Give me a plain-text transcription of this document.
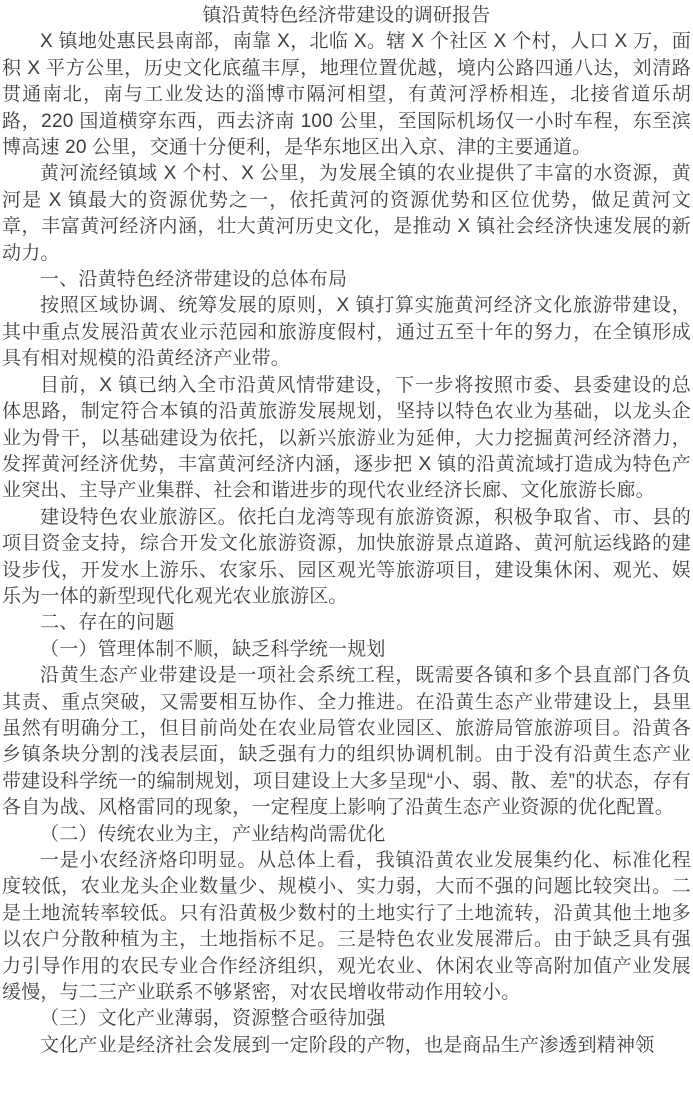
镇沿黄特色经济带建设的调研报告

X 镇地处惠民县南部，南靠 X，北临 X。辖 X 个社区 X 个村，人口 X 万，面积 X 平方公里，历史文化底蕴丰厚，地理位置优越，境内公路四通八达，刘清路贯通南北，南与工业发达的淄博市隔河相望，有黄河浮桥相连，北接省道乐胡路，220 国道横穿东西，西去济南 100 公里，至国际机场仅一小时车程，东至滨博高速 20 公里，交通十分便利，是华东地区出入京、津的主要通道。

黄河流经镇域 X 个村、X 公里，为发展全镇的农业提供了丰富的水资源，黄河是 X 镇最大的资源优势之一，依托黄河的资源优势和区位优势，做足黄河文章，丰富黄河经济内涵，壮大黄河历史文化，是推动 X 镇社会经济快速发展的新动力。

一、沿黄特色经济带建设的总体布局

按照区域协调、统筹发展的原则，X 镇打算实施黄河经济文化旅游带建设，其中重点发展沿黄农业示范园和旅游度假村，通过五至十年的努力，在全镇形成具有相对规模的沿黄经济产业带。

目前，X 镇已纳入全市沿黄风情带建设，下一步将按照市委、县委建设的总体思路，制定符合本镇的沿黄旅游发展规划，坚持以特色农业为基础，以龙头企业为骨干，以基础建设为依托，以新兴旅游业为延伸，大力挖掘黄河经济潜力，发挥黄河经济优势，丰富黄河经济内涵，逐步把 X 镇的沿黄流域打造成为特色产业突出、主导产业集群、社会和谐进步的现代农业经济长廊、文化旅游长廊。

建设特色农业旅游区。依托白龙湾等现有旅游资源，积极争取省、市、县的项目资金支持，综合开发文化旅游资源，加快旅游景点道路、黄河航运线路的建设步伐，开发水上游乐、农家乐、园区观光等旅游项目，建设集休闲、观光、娱乐为一体的新型现代化观光农业旅游区。

二、存在的问题
（一）管理体制不顺，缺乏科学统一规划

沿黄生态产业带建设是一项社会系统工程，既需要各镇和多个县直部门各负其责、重点突破，又需要相互协作、全力推进。在沿黄生态产业带建设上，县里虽然有明确分工，但目前尚处在农业局管农业园区、旅游局管旅游项目。沿黄各乡镇条块分割的浅表层面，缺乏强有力的组织协调机制。由于没有沿黄生态产业带建设科学统一的编制规划，项目建设上大多呈现“小、弱、散、差”的状态，存有各自为战、风格雷同的现象，一定程度上影响了沿黄生态产业资源的优化配置。

（二）传统农业为主，产业结构尚需优化

一是小农经济烙印明显。从总体上看，我镇沿黄农业发展集约化、标准化程度较低，农业龙头企业数量少、规模小、实力弱，大而不强的问题比较突出。二是土地流转率较低。只有沿黄极少数村的土地实行了土地流转，沿黄其他土地多以农户分散种植为主，土地指标不足。三是特色农业发展滞后。由于缺乏具有强力引导作用的农民专业合作经济组织，观光农业、休闲农业等高附加值产业发展缓慢，与二三产业联系不够紧密，对农民增收带动作用较小。

（三）文化产业薄弱，资源整合亟待加强

文化产业是经济社会发展到一定阶段的产物，也是商品生产渗透到精神领
